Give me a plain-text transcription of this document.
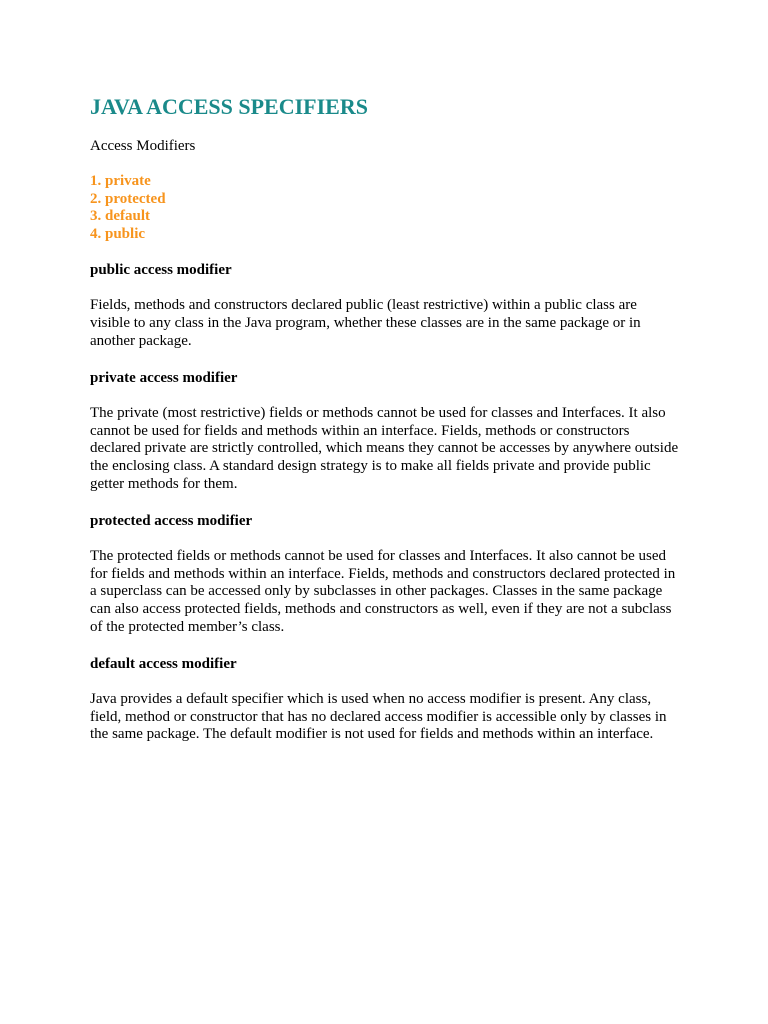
JAVA ACCESS SPECIFIERS

Access Modifiers

1. private
2. protected
3. default
4. public

public access modifier

Fields, methods and constructors declared public (least restrictive) within a public class are visible to any class in the Java program, whether these classes are in the same package or in another package.

private access modifier

The private (most restrictive) fields or methods cannot be used for classes and Interfaces. It also cannot be used for fields and methods within an interface. Fields, methods or constructors declared private are strictly controlled, which means they cannot be accesses by anywhere outside the enclosing class. A standard design strategy is to make all fields private and provide public getter methods for them.

protected access modifier

The protected fields or methods cannot be used for classes and Interfaces. It also cannot be used for fields and methods within an interface. Fields, methods and constructors declared protected in a superclass can be accessed only by subclasses in other packages. Classes in the same package can also access protected fields, methods and constructors as well, even if they are not a subclass of the protected member’s class.

default access modifier

Java provides a default specifier which is used when no access modifier is present. Any class, field, method or constructor that has no declared access modifier is accessible only by classes in the same package. The default modifier is not used for fields and methods within an interface.
